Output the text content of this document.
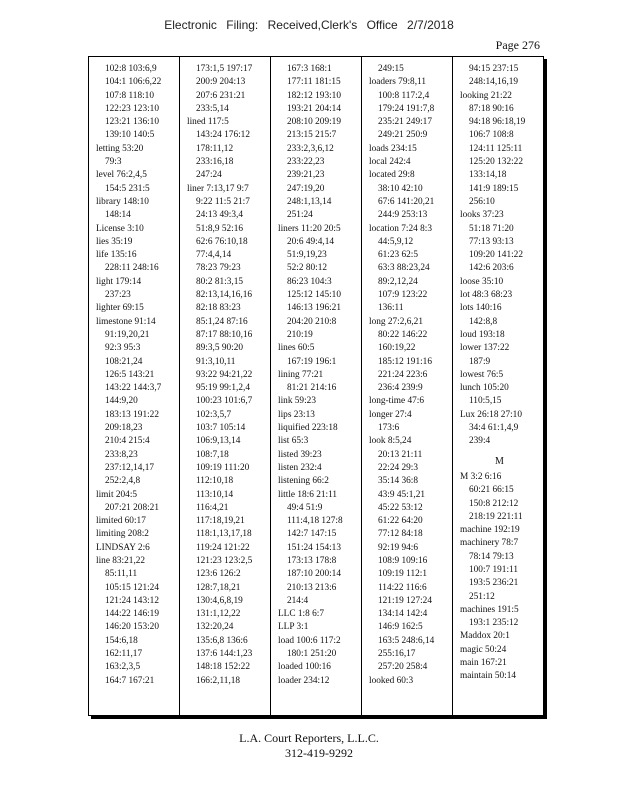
Electronic Filing: Received,Clerk's Office 2/7/2018
Page 276
102:8 103:6,9
104:1 106:6,22
107:8 118:10
122:23 123:10
123:21 136:10
139:10 140:5
letting 53:20
79:3
level 76:2,4,5
154:5 231:5
library 148:10
148:14
License 3:10
lies 35:19
life 135:16
228:11 248:16
light 179:14
237:23
lighter 69:15
limestone 91:14
91:19,20,21
92:3 95:3
108:21,24
126:5 143:21
143:22 144:3,7
144:9,20
183:13 191:22
209:18,23
210:4 215:4
233:8,23
237:12,14,17
252:2,4,8
limit 204:5
207:21 208:21
limited 60:17
limiting 208:2
LINDSAY 2:6
line 83:21,22
85:11,11
105:15 121:24
121:24 143:12
144:22 146:19
146:20 153:20
154:6,18
162:11,17
163:2,3,5
164:7 167:21
173:1,5 197:17
200:9 204:13
207:6 231:21
233:5,14
lined 117:5
143:24 176:12
178:11,12
233:16,18
247:24
liner 7:13,17 9:7
9:22 11:5 21:7
24:13 49:3,4
51:8,9 52:16
62:6 76:10,18
77:4,4,14
78:23 79:23
80:2 81:3,15
82:13,14,16,16
82:18 83:23
85:1,24 87:16
87:17 88:10,16
89:3,5 90:20
91:3,10,11
93:22 94:21,22
95:19 99:1,2,4
100:23 101:6,7
102:3,5,7
103:7 105:14
106:9,13,14
108:7,18
109:19 111:20
112:10,18
113:10,14
116:4,21
117:18,19,21
118:1,13,17,18
119:24 121:22
121:23 123:2,5
123:6 126:2
128:7,18,21
130:4,6,8,19
131:1,12,22
132:20,24
135:6,8 136:6
137:6 144:1,23
148:18 152:22
166:2,11,18
167:3 168:1
177:11 181:15
182:12 193:10
193:21 204:14
208:10 209:19
213:15 215:7
233:2,3,6,12
233:22,23
239:21,23
247:19,20
248:1,13,14
251:24
liners 11:20 20:5
20:6 49:4,14
51:9,19,23
52:2 80:12
86:23 104:3
125:12 145:10
146:13 196:21
204:20 210:8
210:19
lines 60:5
167:19 196:1
lining 77:21
81:21 214:16
link 59:23
lips 23:13
liquified 223:18
list 65:3
listed 39:23
listen 232:4
listening 66:2
little 18:6 21:11
49:4 51:9
111:4,18 127:8
142:7 147:15
151:24 154:13
173:13 178:8
187:10 200:14
210:13 213:6
214:4
LLC 1:8 6:7
LLP 3:1
load 100:6 117:2
180:1 251:20
loaded 100:16
loader 234:12
249:15
loaders 79:8,11
100:8 117:2,4
179:24 191:7,8
235:21 249:17
249:21 250:9
loads 234:15
local 242:4
located 29:8
38:10 42:10
67:6 141:20,21
244:9 253:13
location 7:24 8:3
44:5,9,12
61:23 62:5
63:3 88:23,24
89:2,12,24
107:9 123:22
136:11
long 27:2,6,21
80:22 146:22
160:19,22
185:12 191:16
221:24 223:6
236:4 239:9
long-time 47:6
longer 27:4
173:6
look 8:5,24
20:13 21:11
22:24 29:3
35:14 36:8
43:9 45:1,21
45:22 53:12
61:22 64:20
77:12 84:18
92:19 94:6
108:9 109:16
109:19 112:1
114:22 116:6
121:19 127:24
134:14 142:4
146:9 162:5
163:5 248:6,14
255:16,17
257:20 258:4
looked 60:3
94:15 237:15
248:14,16,19
looking 21:22
87:18 90:16
94:18 96:18,19
106:7 108:8
124:11 125:11
125:20 132:22
133:14,18
141:9 189:15
256:10
looks 37:23
51:18 71:20
77:13 93:13
109:20 141:22
142:6 203:6
loose 35:10
lot 48:3 68:23
lots 140:16
142:8,8
loud 193:18
lower 137:22
187:9
lowest 76:5
lunch 105:20
110:5,15
Lux 26:18 27:10
34:4 61:1,4,9
239:4
M
M 3:2 6:16
60:21 66:15
150:8 212:12
218:19 221:11
machine 192:19
machinery 78:7
78:14 79:13
100:7 191:11
193:5 236:21
251:12
machines 191:5
193:1 235:12
Maddox 20:1
magic 50:24
main 167:21
maintain 50:14
L.A. Court Reporters, L.L.C.
312-419-9292
